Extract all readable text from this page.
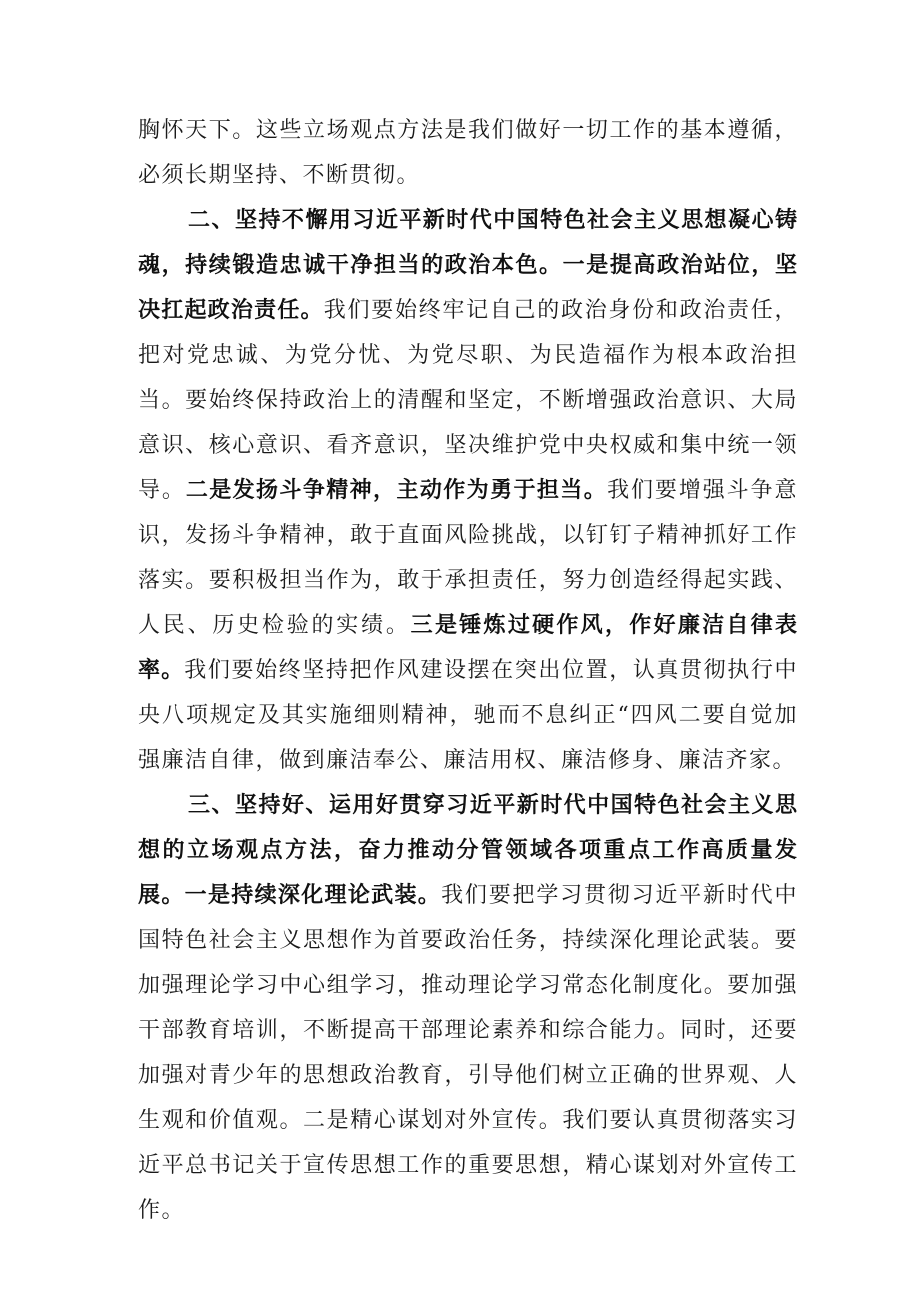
胸怀天下。这些立场观点方法是我们做好一切工作的基本遵循，必须长期坚持、不断贯彻。

二、坚持不懈用习近平新时代中国特色社会主义思想凝心铸魂，持续锻造忠诚干净担当的政治本色。一是提高政治站位，坚决扛起政治责任。我们要始终牢记自己的政治身份和政治责任，把对党忠诚、为党分忧、为党尽职、为民造福作为根本政治担当。要始终保持政治上的清醒和坚定，不断增强政治意识、大局意识、核心意识、看齐意识，坚决维护党中央权威和集中统一领导。二是发扬斗争精神，主动作为勇于担当。我们要增强斗争意识，发扬斗争精神，敢于直面风险挑战，以钉钉子精神抓好工作落实。要积极担当作为，敢于承担责任，努力创造经得起实践、人民、历史检验的实绩。三是锤炼过硬作风，作好廉洁自律表率。我们要始终坚持把作风建设摆在突出位置，认真贯彻执行中央八项规定及其实施细则精神，驰而不息纠正“四风二要自觉加强廉洁自律，做到廉洁奉公、廉洁用权、廉洁修身、廉洁齐家。

三、坚持好、运用好贯穿习近平新时代中国特色社会主义思想的立场观点方法，奋力推动分管领域各项重点工作高质量发展。一是持续深化理论武装。我们要把学习贯彻习近平新时代中国特色社会主义思想作为首要政治任务，持续深化理论武装。要加强理论学习中心组学习，推动理论学习常态化制度化。要加强干部教育培训，不断提高干部理论素养和综合能力。同时，还要加强对青少年的思想政治教育，引导他们树立正确的世界观、人生观和价值观。二是精心谋划对外宣传。我们要认真贯彻落实习近平总书记关于宣传思想工作的重要思想，精心谋划对外宣传工作。
